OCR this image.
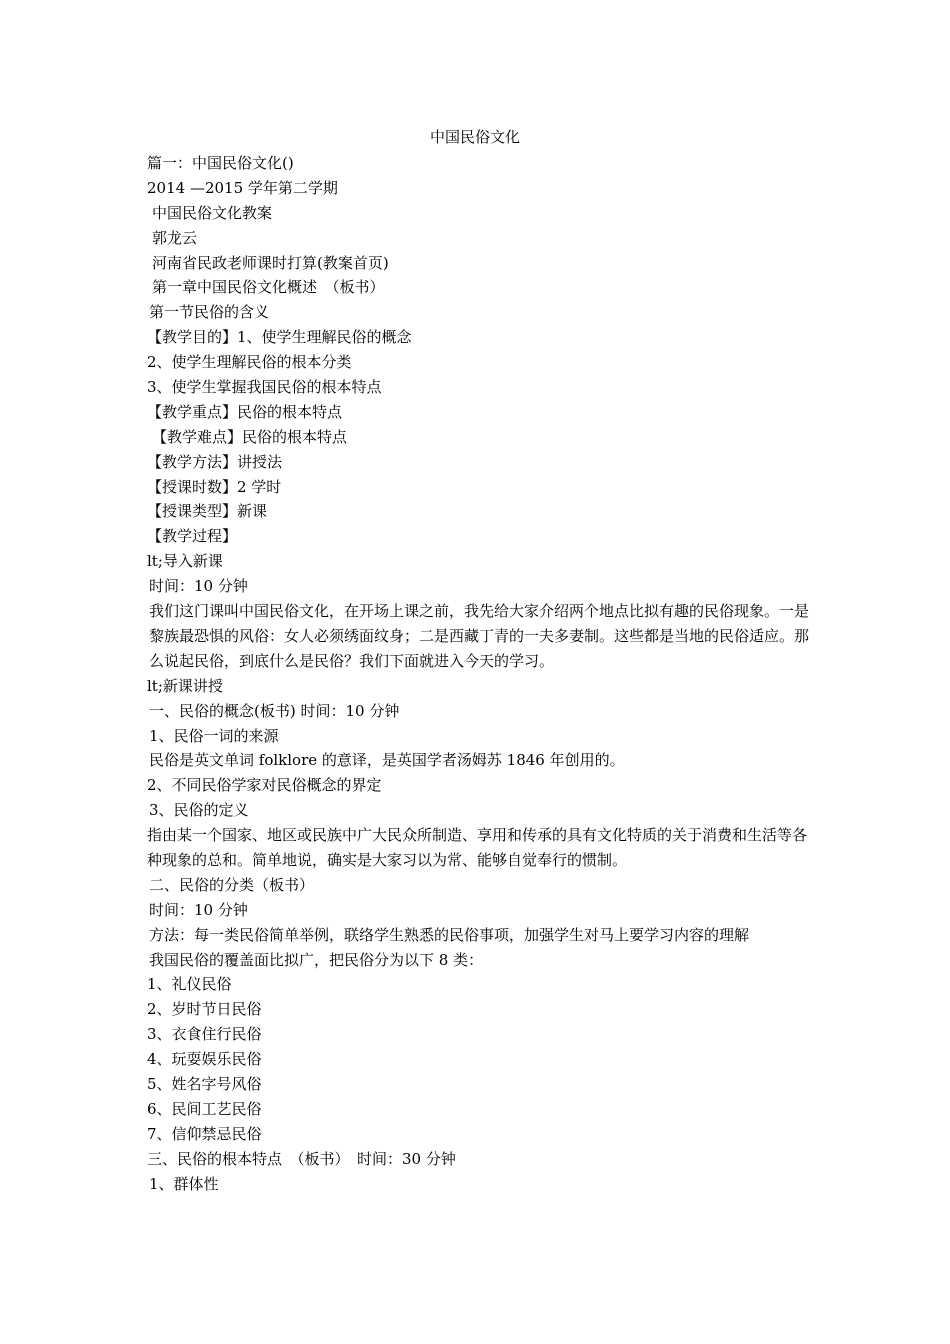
中国民俗文化
篇一：中国民俗文化()
2014 —2015 学年第二学期
中国民俗文化教案
郭龙云
河南省民政老师课时打算(教案首页)
第一章中国民俗文化概述　（板书）
第一节民俗的含义
【教学目的】1、使学生理解民俗的概念
2、使学生理解民俗的根本分类
3、使学生掌握我国民俗的根本特点
【教学重点】民俗的根本特点
【教学难点】民俗的根本特点
【教学方法】讲授法
【授课时数】2 学时
【授课类型】新课
【教学过程】
lt;导入新课
时间：10 分钟
我们这门课叫中国民俗文化，在开场上课之前，我先给大家介绍两个地点比拟有趣的民俗现象。一是黎族最恐惧的风俗：女人必须绣面纹身；二是西藏丁青的一夫多妻制。这些都是当地的民俗适应。那么说起民俗，到底什么是民俗？我们下面就进入今天的学习。
lt;新课讲授
一、民俗的概念(板书) 时间：10 分钟
1、民俗一词的来源
民俗是英文单词 folklore 的意译，是英国学者汤姆苏 1846 年创用的。
2、不同民俗学家对民俗概念的界定
3、民俗的定义
指由某一个国家、地区或民族中广大民众所制造、享用和传承的具有文化特质的关于消费和生活等各种现象的总和。简单地说，确实是大家习以为常、能够自觉奉行的惯制。
二、民俗的分类（板书）
时间：10 分钟
方法：每一类民俗简单举例，联络学生熟悉的民俗事项，加强学生对马上要学习内容的理解
我国民俗的覆盖面比拟广，把民俗分为以下 8 类：
1、礼仪民俗
2、岁时节日民俗
3、衣食住行民俗
4、玩耍娱乐民俗
5、姓名字号风俗
6、民间工艺民俗
7、信仰禁忌民俗
三、民俗的根本特点　（板书）　时间：30 分钟
1、群体性
